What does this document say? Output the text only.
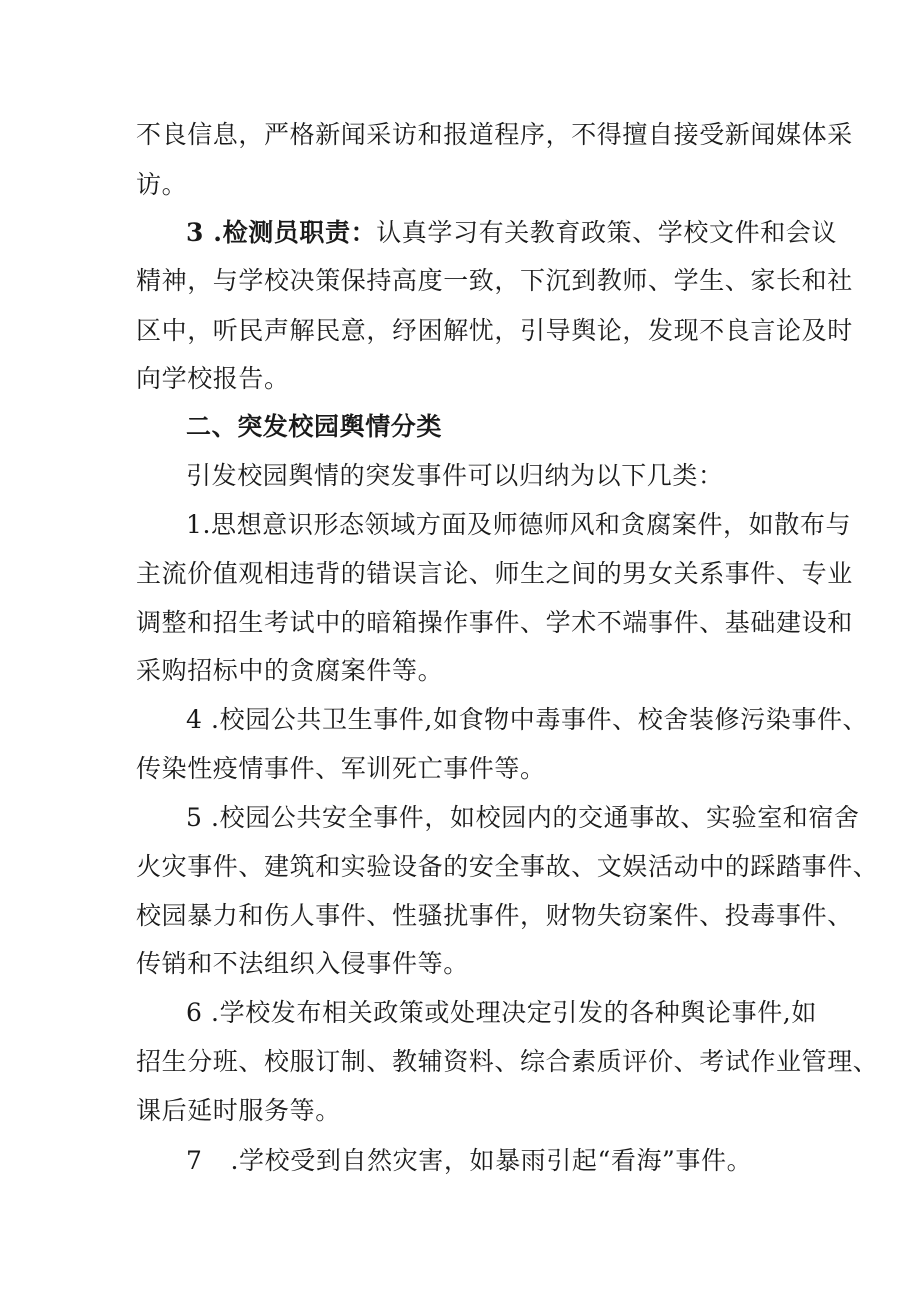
不良信息，严格新闻采访和报道程序，不得擅自接受新闻媒体采
访。
3 .检测员职责：认真学习有关教育政策、学校文件和会议
精神，与学校决策保持高度一致，下沉到教师、学生、家长和社
区中，听民声解民意，纾困解忧，引导舆论，发现不良言论及时
向学校报告。
二、突发校园舆情分类
引发校园舆情的突发事件可以归纳为以下几类：
1.思想意识形态领域方面及师德师风和贪腐案件，如散布与
主流价值观相违背的错误言论、师生之间的男女关系事件、专业
调整和招生考试中的暗箱操作事件、学术不端事件、基础建设和
采购招标中的贪腐案件等。
4 .校园公共卫生事件,如食物中毒事件、校舍装修污染事件、
传染性疫情事件、军训死亡事件等。
5 .校园公共安全事件，如校园内的交通事故、实验室和宿舍
火灾事件、建筑和实验设备的安全事故、文娱活动中的踩踏事件、
校园暴力和伤人事件、性骚扰事件，财物失窃案件、投毒事件、
传销和不法组织入侵事件等。
6 .学校发布相关政策或处理决定引发的各种舆论事件,如
招生分班、校服订制、教辅资料、综合素质评价、考试作业管理、
课后延时服务等。
7 .学校受到自然灾害，如暴雨引起“看海”事件。
